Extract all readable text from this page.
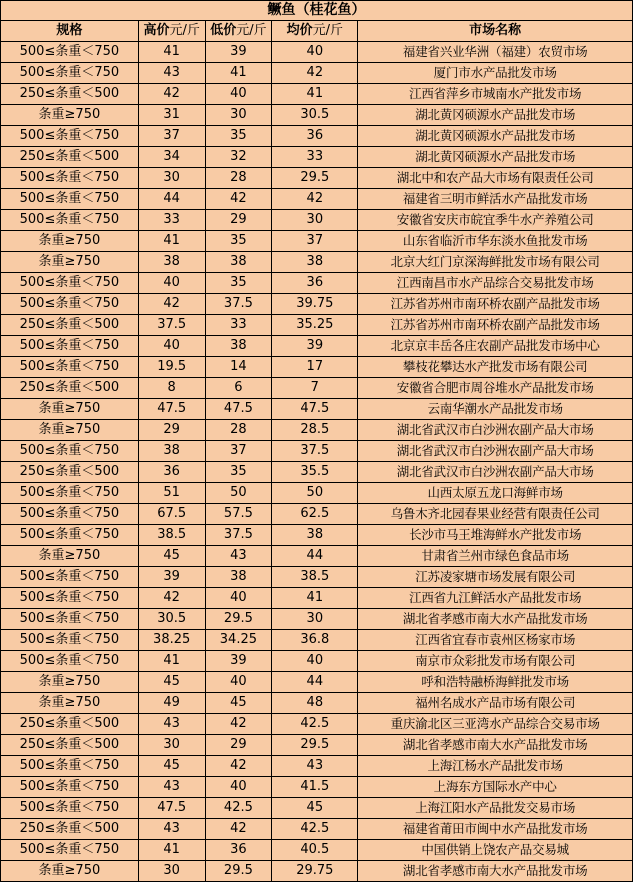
鳜鱼（桂花鱼）				
规格	高价元/斤	低价元/斤	均价元/斤	市场名称
500≤条重＜750	41	39	40	福建省兴业华洲（福建）农贸市场
500≤条重＜750	43	41	42	厦门市水产品批发市场
250≤条重＜500	42	40	41	江西省萍乡市城南水产批发市场
条重≥750	31	30	30.5	湖北黄冈硕源水产品批发市场
500≤条重＜750	37	35	36	湖北黄冈硕源水产品批发市场
250≤条重＜500	34	32	33	湖北黄冈硕源水产品批发市场
500≤条重＜750	30	28	29.5	湖北中和农产品大市场有限责任公司
500≤条重＜750	44	42	42	福建省三明市鲜活水产品批发市场
500≤条重＜750	33	29	30	安徽省安庆市皖宜季牛水产养殖公司
条重≥750	41	35	37	山东省临沂市华东淡水鱼批发市场
条重≥750	38	38	38	北京大红门京深海鲜批发市场有限公司
500≤条重＜750	40	35	36	江西南昌市水产品综合交易批发市场
500≤条重＜750	42	37.5	39.75	江苏省苏州市南环桥农副产品批发市场
250≤条重＜500	37.5	33	35.25	江苏省苏州市南环桥农副产品批发市场
500≤条重＜750	40	38	39	北京京丰岳各庄农副产品批发市场中心
500≤条重＜750	19.5	14	17	攀枝花攀达水产批发市场有限公司
250≤条重＜500	8	6	7	安徽省合肥市周谷堆水产品批发市场
条重≥750	47.5	47.5	47.5	云南华潮水产品批发市场
条重≥750	29	28	28.5	湖北省武汉市白沙洲农副产品大市场
500≤条重＜750	38	37	37.5	湖北省武汉市白沙洲农副产品大市场
250≤条重＜500	36	35	35.5	湖北省武汉市白沙洲农副产品大市场
500≤条重＜750	51	50	50	山西太原五龙口海鲜市场
500≤条重＜750	67.5	57.5	62.5	乌鲁木齐北园春果业经营有限责任公司
500≤条重＜750	38.5	37.5	38	长沙市马王堆海鲜水产批发市场
条重≥750	45	43	44	甘肃省兰州市绿色食品市场
500≤条重＜750	39	38	38.5	江苏凌家塘市场发展有限公司
500≤条重＜750	42	40	41	江西省九江鲜活水产品批发市场
500≤条重＜750	30.5	29.5	30	湖北省孝感市南大水产品批发市场
500≤条重＜750	38.25	34.25	36.8	江西省宜春市袁州区杨家市场
500≤条重＜750	41	39	40	南京市众彩批发市场有限公司
条重≥750	45	40	44	呼和浩特融桥海鲜批发市场
条重≥750	49	45	48	福州名成水产品市场有限公司
250≤条重＜500	43	42	42.5	重庆渝北区三亚湾水产品综合交易市场
250≤条重＜500	30	29	29.5	湖北省孝感市南大水产品批发市场
500≤条重＜750	45	42	43	上海江杨水产品批发市场
500≤条重＜750	43	40	41.5	上海东方国际水产中心
500≤条重＜750	47.5	42.5	45	上海江阳水产品批发交易市场
250≤条重＜500	43	42	42.5	福建省莆田市闽中水产品批发市场
500≤条重＜750	41	36	40.5	中国供销上饶农产品交易城
条重≥750	30	29.5	29.75	湖北省孝感市南大水产品批发市场
